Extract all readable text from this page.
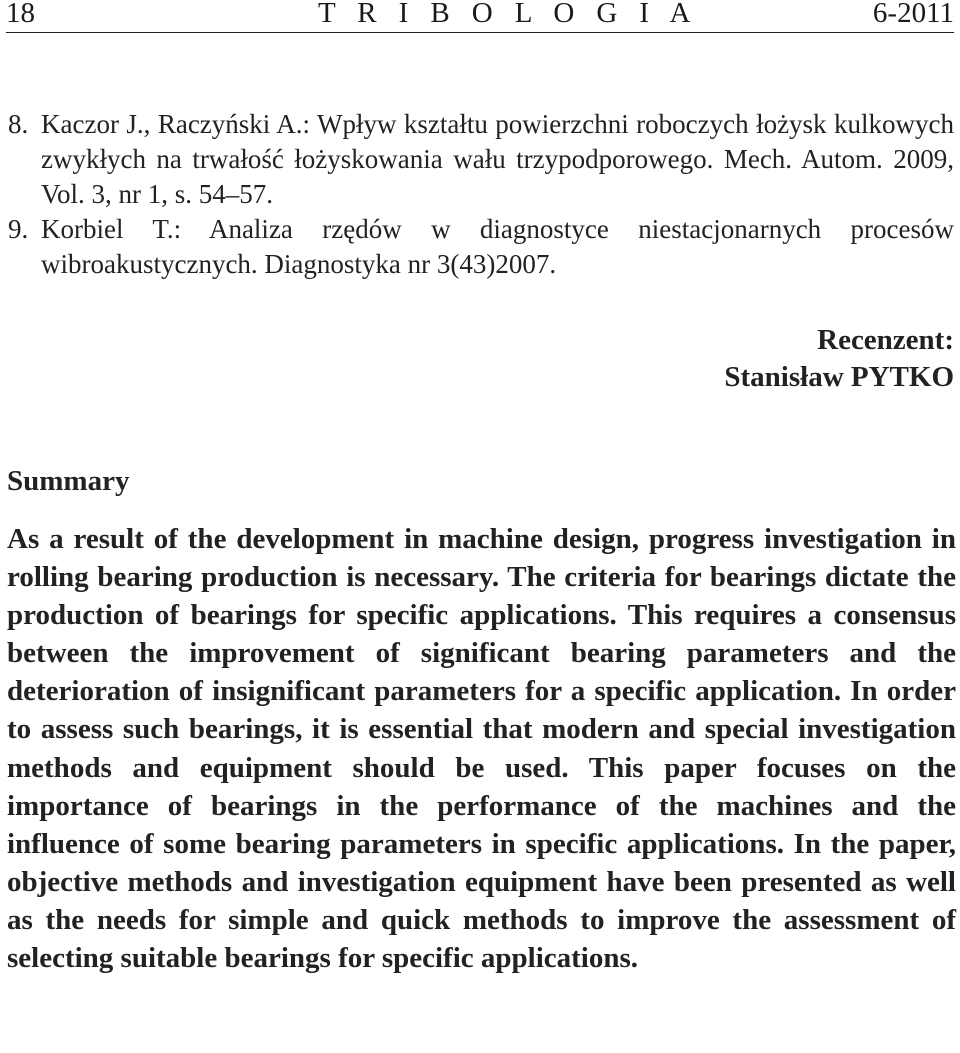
18	T R I B O L O G I A	6-2011
8. Kaczor J., Raczyński A.: Wpływ kształtu powierzchni roboczych łożysk kulkowych zwykłych na trwałość łożyskowania wału trzypodporowego. Mech. Autom. 2009, Vol. 3, nr 1, s. 54–57.
9. Korbiel T.: Analiza rzędów w diagnostyce niestacjonarnych procesów wibroakustycznych. Diagnostyka nr 3(43)2007.
Recenzent:
Stanisław PYTKO
Summary

As a result of the development in machine design, progress investigation in rolling bearing production is necessary. The criteria for bearings dictate the production of bearings for specific applications. This requires a consensus between the improvement of significant bearing parameters and the deterioration of insignificant parameters for a specific application. In order to assess such bearings, it is essential that modern and special investigation methods and equipment should be used. This paper focuses on the importance of bearings in the performance of the machines and the influence of some bearing parameters in specific applications. In the paper, objective methods and investigation equipment have been presented as well as the needs for simple and quick methods to improve the assessment of selecting suitable bearings for specific applications.
